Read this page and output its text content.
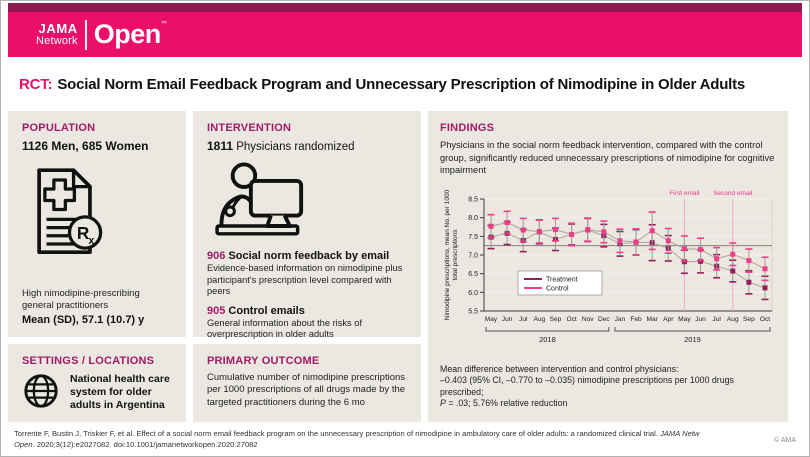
JAMA
Network Open™
RCT: Social Norm Email Feedback Program and Unnecessary Prescription of Nimodipine in Older Adults
POPULATION
1126 Men, 685 Women
R x
High nimodipine-prescribing general practitioners
Mean (SD), 57.1 (10.7) y
INTERVENTION
1811 Physicians randomized
906 Social norm feedback by email
Evidence-based information on nimodipine plus participant's prescription level compared with peers
905 Control emails
General information about the risks of overprescription in older adults
FINDINGS
Physicians in the social norm feedback intervention, compared with the control group, significantly reduced unnecessary prescriptions of nimodipine for cognitive impairment
5.5
6.0
6.5
7.0
7.5
8.0
8.5
May Jun Jul Aug Sep Oct Nov Dec Jan Feb Mar Apr May Jun Jul Aug Sep Oct
2018	2019
First email Second email
Treatment
Control
Nimodipine prescriptions, mean No. per 1000total prescriptions
Mean difference between intervention and control physicians:
–0.403 (95% CI, –0.770 to –0.035) nimodipine prescriptions per 1000 drugs prescribed;
P = .03; 5.76% relative reduction
SETTINGS / LOCATIONS
National health care system for older adults in Argentina
PRIMARY OUTCOME
Cumulative number of nimodipine prescriptions per 1000 prescriptions of all drugs made by the targeted practitioners during the 6 mo
Torrente F, Bustin J, Triskier F, et al. Effect of a social norm email feedback program on the unnecessary prescription of nimodipine in ambulatory care of older adults: a randomized clinical trial. JAMA Netw Open. 2020;3(12):e2027082. doi:10.1001/jamanetworkopen.2020.27082	© AMA
